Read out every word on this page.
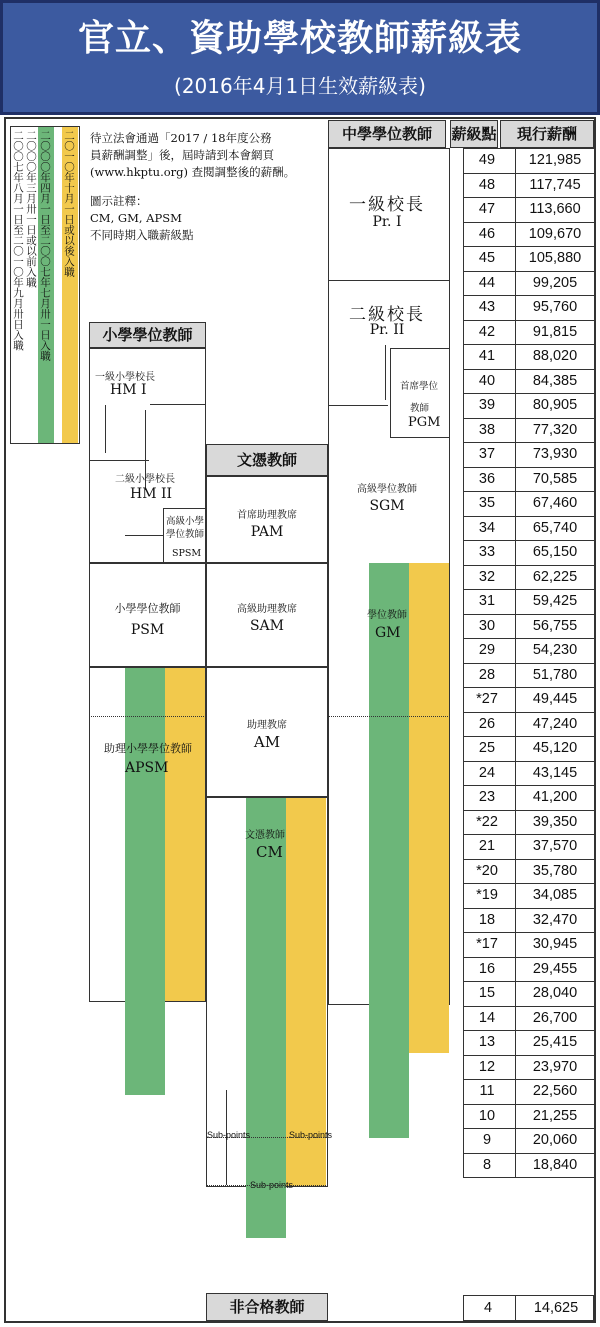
官立、資助學校教師薪級表
(2016年4月1日生效薪級表)
二〇一〇年十月一日或以後入職
二〇〇〇年四月一日至二〇〇七年七月卅一日入職
二〇〇〇年三月卅一日或以前入職
二〇〇七年八月一日至二〇一〇年九月卅日入職	待立法會通過「2017 / 18年度公務
員薪酬調整」後，屆時請到本會網頁
(www.hkptu.org) 查閱調整後的薪酬。
圖示註釋：
CM, GM, APSM
不同時期入職薪級點
小學學位教師
文憑教師
中學學位教師	薪級點	現行薪酬
一級小學校長
HM I
二級小學校長
HM II
高級小學
學位教師
SPSM
小學學位教師
PSM
助理小學學位教師
APSM
首席助理教席
PAM
高級助理教席
SAM
助理教席
AM
文憑教師
CM
Sub-points	Sub-points
Sub-points
一級校長
Pr. I
二級校長
Pr. II
首席學位
教師
PGM
高級學位教師
SGM
學位教師
GM
49	121,985
48	117,745
47	113,660
46	109,670
45	105,880
44	99,205
43	95,760
42	91,815
41	88,020
40	84,385
39	80,905
38	77,320
37	73,930
36	70,585
35	67,460
34	65,740
33	65,150
32	62,225
31	59,425
30	56,755
29	54,230
28	51,780
*27	49,445
26	47,240
25	45,120
24	43,145
23	41,200
*22	39,350
21	37,570
*20	35,780
*19	34,085
18	32,470
*17	30,945
16	29,455
15	28,040
14	26,700
13	25,415
12	23,970
11	22,560
10	21,255
9	20,060
8	18,840
非合格教師	4	14,625
